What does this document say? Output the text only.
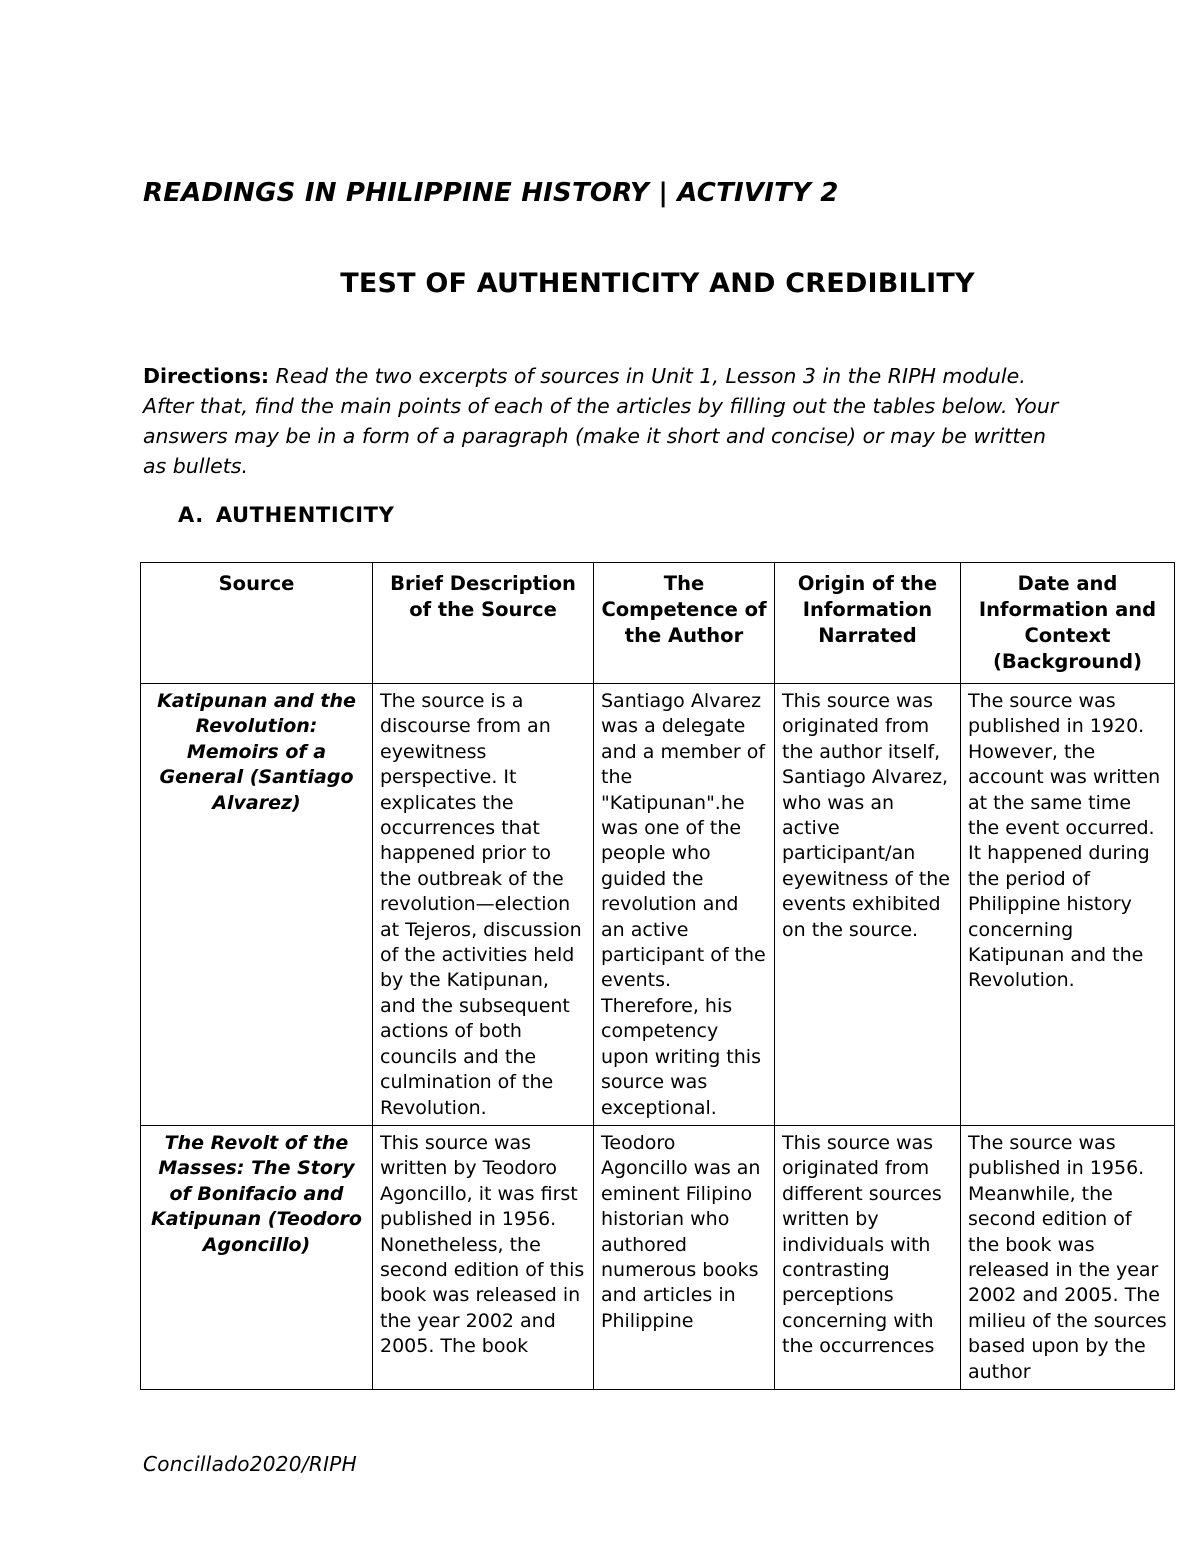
READINGS IN PHILIPPINE HISTORY | ACTIVITY 2
TEST OF AUTHENTICITY AND CREDIBILITY

Directions: Read the two excerpts of sources in Unit 1, Lesson 3 in the RIPH module. After that, find the main points of each of the articles by filling out the tables below. Your answers may be in a form of a paragraph (make it short and concise) or may be written as bullets.

A. AUTHENTICITY
Source	Brief Description of the Source	The Competence of the Author	Origin of the Information Narrated	Date and Information and Context (Background)
Katipunan and the Revolution: Memoirs of a General (Santiago Alvarez)	The source is a discourse from an eyewitness perspective. It explicates the occurrences that happened prior to the outbreak of the revolution—election at Tejeros, discussion of the activities held by the Katipunan, and the subsequent actions of both councils and the culmination of the Revolution.	Santiago Alvarez was a delegate and a member of the "Katipunan".he was one of the people who guided the revolution and an active participant of the events. Therefore, his competency upon writing this source was exceptional.	This source was originated from the author itself, Santiago Alvarez, who was an active participant/an eyewitness of the events exhibited on the source.	The source was published in 1920. However, the account was written at the same time the event occurred. It happened during the period of Philippine history concerning Katipunan and the Revolution.
The Revolt of the Masses: The Story of Bonifacio and Katipunan (Teodoro Agoncillo)	This source was written by Teodoro Agoncillo, it was first published in 1956. Nonetheless, the second edition of this book was released in the year 2002 and 2005. The book	Teodoro Agoncillo was an eminent Filipino historian who authored numerous books and articles in Philippine	This source was originated from different sources written by individuals with contrasting perceptions concerning with the occurrences	The source was published in 1956. Meanwhile, the second edition of the book was released in the year 2002 and 2005. The milieu of the sources based upon by the author
Concillado2020/RIPH
